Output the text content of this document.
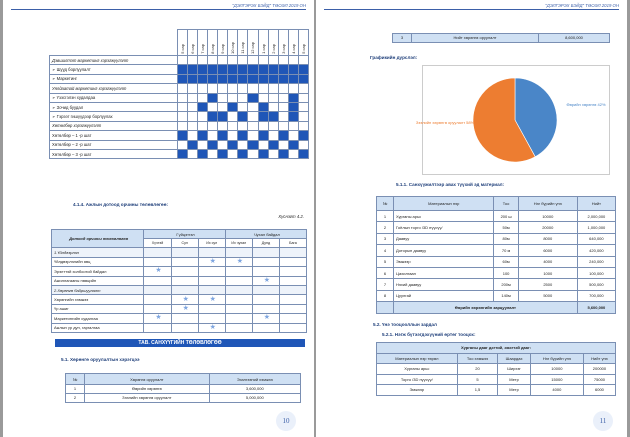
"ДЭЛГЭРЭХ БЭЙД" ТӨСӨЛ 2019 ОН
	5 сар	6 сар	7 сар	8 сар	9 сар	10 сар	11 сар	12 сар	1 сар	2 сар	3 сар	4 сар	5 сар
Дэвшилтэт маркетинг хэрэгжүүлэлт													
➢ Шууд борлуулалт													
➢ Маркетинг													
Уялдаатай маркетинг хэрэгжүүлэлт													
➢ Үзэсгэлэн худалдаа													
➢ Зочид буудал													
➢ Гэрээт гишүүдээр борлуулах													
Хөтөлбөр хэрэгжүүлэлт													
Хөтөлбөр – 1 -р шат													
Хөтөлбөр – 2 -р шат													
Хөтөлбөр – 3 -р шат													
4.1.4. Ажлын дотоод орчины төлөвлөгөө:
Хүснэгт 4.2.
Дотоод орчины төлөвлөгөө	Гүйцэтгэл			Чухал байдал		
	Хүчтэй	Сул	Их сул	Их чухал	Дунд	Бага
1.Үйлдвэрлэл						
Үйлдвэрлэлийн явц			★	★		

Эрэлттэй холбоотой байдал	★					

Ажиллагааны нөөцийн					★	

2.Хөрөнгө байршуулалт						
Хөрөнгийн хэмжээ		★	★			

Үр ашиг		★				

Маркетингийн судалгаа	★				★	

Ажлын үр дүн, гаргалгаа			★			

ТАВ. САНХҮҮГИЙН ТӨЛӨВЛӨГӨӨ
5.1. Хөрөнгө оруулалтын хэрэгцээ
№	Хөрөнгө оруулалт	Эзэлгээний хэмжээ
1	Өөрийн хөрөнгө	3,600,000
2	Зээлийн хөрөнгө оруулалт	5,000,000
10
"ДЭЛГЭРЭХ БЭЙД" ТӨСӨЛ 2019 ОН
3	Нийт хөрөнгө оруулалт	8,600,000
Графикийн дүрслэл:
Өөрийн хөрөнгө 42%
Зээлийн хөрөнгө оруулалт 58%
5.1.1. Санхүүжилтээр авах түүхий эд материал:
№	Материалын нэр	Тоо	Нэг бүрийн үнэ	Нийт
1	Хурганы арьс	200 ш	10000	2,000,000
2	Гоёлын торго /3D пүүсүү/	50м	20000	1,000,000
3	Даавуу	80м	8000	640,000
4	Доторын даавуу	70 м	6000	420,000
5	Эмжээр	60м	4000	240,000
6	Цахилгаан	100	1000	100,000
7	Нэхий даавуу	200м	2500	500,000
8	Цуулгай	140м	5000	700,000
	Өөрийн хөрөнгийн зарцуулалт			5,600,000
5.2. Үнэ тооцооллын зардал
5.2.1. Нэгж бүтээгдэхүүний өртөг тооцох:
Хурганы дааг дэгтий, эмэгтэй дааг:				
Материалын нэр төрөл	Тоо хэмжээ	Шаардах	Нэг бүрийн үнэ	Нийт үнэ
Хурганы арьс	20	Ширхэг	10000	200000
Торго /3D пүүсүү/	5	Метр	15000	75000
Эмжээр	1,5	Метр	4000	6000
11
